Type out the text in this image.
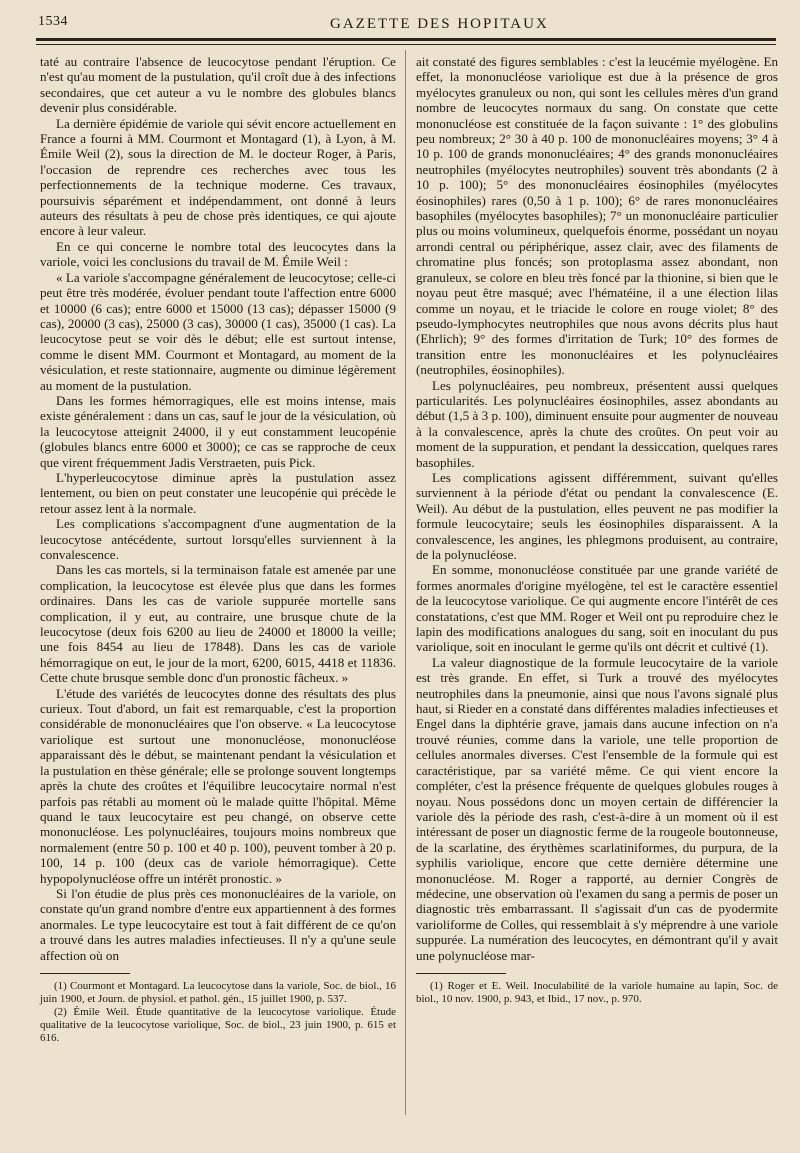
1534	GAZETTE DES HOPITAUX

taté au contraire l'absence de leucocytose pendant l'éruption. Ce n'est qu'au moment de la pustulation, qu'il croît due à des infections secondaires, que cet auteur a vu le nombre des globules blancs devenir plus considérable.

La dernière épidémie de variole qui sévit encore actuellement en France a fourni à MM. Courmont et Montagard (1), à Lyon, à M. Émile Weil (2), sous la direction de M. le docteur Roger, à Paris, l'occasion de reprendre ces recherches avec tous les perfectionnements de la technique moderne. Ces travaux, poursuivis séparément et indépendamment, ont donné à leurs auteurs des résultats à peu de chose près identiques, ce qui ajoute encore à leur valeur.

En ce qui concerne le nombre total des leucocytes dans la variole, voici les conclusions du travail de M. Émile Weil :

« La variole s'accompagne généralement de leucocytose; celle-ci peut être très modérée, évoluer pendant toute l'affection entre 6000 et 10000 (6 cas); entre 6000 et 15000 (13 cas); dépasser 15000 (9 cas), 20000 (3 cas), 25000 (3 cas), 30000 (1 cas), 35000 (1 cas). La leucocytose peut se voir dès le début; elle est surtout intense, comme le disent MM. Courmont et Montagard, au moment de la vésiculation, et reste stationnaire, augmente ou diminue légèrement au moment de la pustulation.

Dans les formes hémorragiques, elle est moins intense, mais existe généralement : dans un cas, sauf le jour de la vésiculation, où la leucocytose atteignit 24000, il y eut constamment leucopénie (globules blancs entre 6000 et 3000); ce cas se rapproche de ceux que virent fréquemment Jadis Verstraeten, puis Pick.

L'hyperleucocytose diminue après la pustulation assez lentement, ou bien on peut constater une leucopénie qui précède le retour assez lent à la normale.

Les complications s'accompagnent d'une augmentation de la leucocytose antécédente, surtout lorsqu'elles surviennent à la convalescence.

Dans les cas mortels, si la terminaison fatale est amenée par une complication, la leucocytose est élevée plus que dans les formes ordinaires. Dans les cas de variole suppurée mortelle sans complication, il y eut, au contraire, une brusque chute de la leucocytose (deux fois 6200 au lieu de 24000 et 18000 la veille; une fois 8454 au lieu de 17848). Dans les cas de variole hémorragique on eut, le jour de la mort, 6200, 6015, 4418 et 11836. Cette chute brusque semble donc d'un pronostic fâcheux. »

L'étude des variétés de leucocytes donne des résultats des plus curieux. Tout d'abord, un fait est remarquable, c'est la proportion considérable de mononucléaires que l'on observe. « La leucocytose variolique est surtout une mononucléose, mononucléose apparaissant dès le début, se maintenant pendant la vésiculation et la pustulation en thèse générale; elle se prolonge souvent longtemps après la chute des croûtes et l'équilibre leucocytaire normal n'est parfois pas rétabli au moment où le malade quitte l'hôpital. Même quand le taux leucocytaire est peu changé, on observe cette mononucléose. Les polynucléaires, toujours moins nombreux que normalement (entre 50 p. 100 et 40 p. 100), peuvent tomber à 20 p. 100, 14 p. 100 (deux cas de variole hémorragique). Cette hypopolynucléose offre un intérêt pronostic. »

Si l'on étudie de plus près ces mononucléaires de la variole, on constate qu'un grand nombre d'entre eux appartiennent à des formes anormales. Le type leucocytaire est tout à fait différent de ce qu'on a trouvé dans les autres maladies infectieuses. Il n'y a qu'une seule affection où on

(1) Courmont et Montagard. La leucocytose dans la variole, Soc. de biol., 16 juin 1900, et Journ. de physiol. et pathol. gén., 15 juillet 1900, p. 537.

(2) Émile Weil. Étude quantitative de la leucocytose variolique. Étude qualitative de la leucocytose variolique, Soc. de biol., 23 juin 1900, p. 615 et 616.

ait constaté des figures semblables : c'est la leucémie myélogène. En effet, la mononucléose variolique est due à la présence de gros myélocytes granuleux ou non, qui sont les cellules mères d'un grand nombre de leucocytes normaux du sang. On constate que cette mononucléose est constituée de la façon suivante : 1° des globulins peu nombreux; 2° 30 à 40 p. 100 de mononucléaires moyens; 3° 4 à 10 p. 100 de grands mononucléaires; 4° des grands mononucléaires neutrophiles (myélocytes neutrophiles) souvent très abondants (2 à 10 p. 100); 5° des mononucléaires éosinophiles (myélocytes éosinophiles) rares (0,50 à 1 p. 100); 6° de rares mononucléaires basophiles (myélocytes basophiles); 7° un mononucléaire particulier plus ou moins volumineux, quelquefois énorme, possédant un noyau arrondi central ou périphérique, assez clair, avec des filaments de chromatine plus foncés; son protoplasma assez abondant, non granuleux, se colore en bleu très foncé par la thionine, si bien que le noyau peut être masqué; avec l'hématéine, il a une élection lilas comme un noyau, et le triacide le colore en rouge violet; 8° des pseudo-lymphocytes neutrophiles que nous avons décrits plus haut (Ehrlich); 9° des formes d'irritation de Turk; 10° des formes de transition entre les mononucléaires et les polynucléaires (neutrophiles, éosinophiles).

Les polynucléaires, peu nombreux, présentent aussi quelques particularités. Les polynucléaires éosinophiles, assez abondants au début (1,5 à 3 p. 100), diminuent ensuite pour augmenter de nouveau à la convalescence, après la chute des croûtes. On peut voir au moment de la suppuration, et pendant la dessiccation, quelques rares basophiles.

Les complications agissent différemment, suivant qu'elles surviennent à la période d'état ou pendant la convalescence (E. Weil). Au début de la pustulation, elles peuvent ne pas modifier la formule leucocytaire; seuls les éosinophiles disparaissent. A la convalescence, les angines, les phlegmons produisent, au contraire, de la polynucléose.

En somme, mononucléose constituée par une grande variété de formes anormales d'origine myélogène, tel est le caractère essentiel de la leucocytose variolique. Ce qui augmente encore l'intérêt de ces constatations, c'est que MM. Roger et Weil ont pu reproduire chez le lapin des modifications analogues du sang, soit en inoculant du pus variolique, soit en inoculant le germe qu'ils ont décrit et cultivé (1).

La valeur diagnostique de la formule leucocytaire de la variole est très grande. En effet, si Turk a trouvé des myélocytes neutrophiles dans la pneumonie, ainsi que nous l'avons signalé plus haut, si Rieder en a constaté dans différentes maladies infectieuses et Engel dans la diphtérie grave, jamais dans aucune infection on n'a trouvé réunies, comme dans la variole, une telle proportion de cellules anormales diverses. C'est l'ensemble de la formule qui est caractéristique, par sa variété même. Ce qui vient encore la compléter, c'est la présence fréquente de quelques globules rouges à noyau. Nous possédons donc un moyen certain de différencier la variole dès la période des rash, c'est-à-dire à un moment où il est intéressant de poser un diagnostic ferme de la rougeole boutonneuse, de la scarlatine, des érythèmes scarlatiniformes, du purpura, de la syphilis variolique, encore que cette dernière détermine une mononucléose. M. Roger a rapporté, au dernier Congrès de médecine, une observation où l'examen du sang a permis de poser un diagnostic très embarrassant. Il s'agissait d'un cas de pyodermite varioliforme de Colles, qui ressemblait à s'y méprendre à une variole suppurée. La numération des leucocytes, en démontrant qu'il y avait une polynucléose mar-

(1) Roger et E. Weil. Inoculabilité de la variole humaine au lapin, Soc. de biol., 10 nov. 1900, p. 943, et Ibid., 17 nov., p. 970.
